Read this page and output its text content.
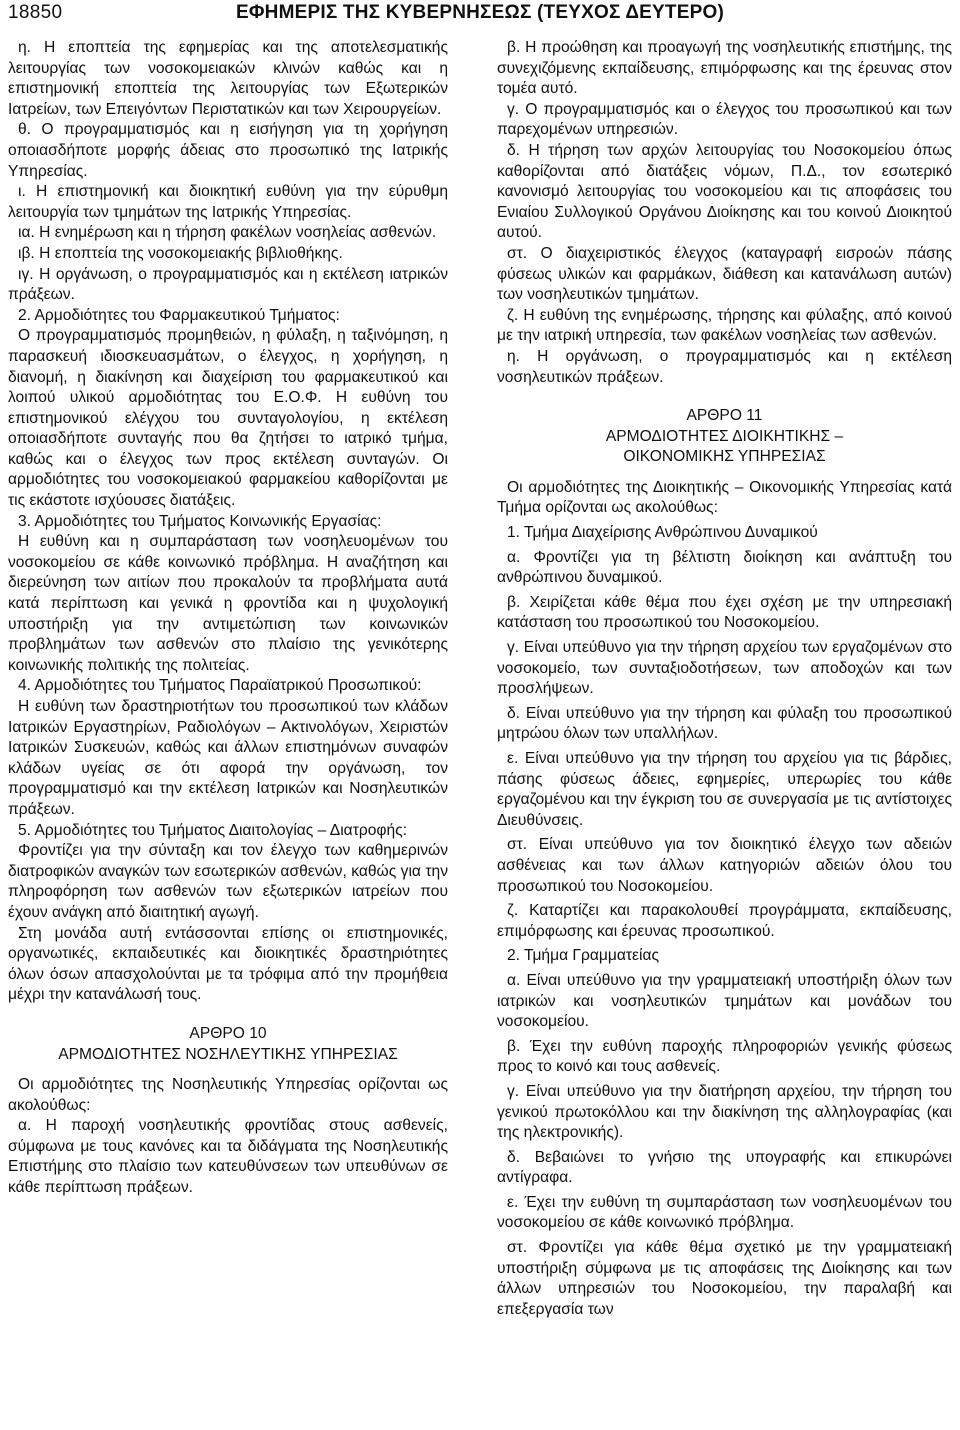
18850	ΕΦΗΜΕΡΙΣ ΤΗΣ ΚΥΒΕΡΝΗΣΕΩΣ (ΤΕΥΧΟΣ ΔΕΥΤΕΡΟ)

η. Η εποπτεία της εφημερίας και της αποτελεσματικής λειτουργίας των νοσοκομειακών κλινών καθώς και η επιστημονική εποπτεία της λειτουργίας των Εξωτερικών Ιατρείων, των Επειγόντων Περιστατικών και των Χειρουργείων.

θ. Ο προγραμματισμός και η εισήγηση για τη χορήγηση οποιασδήποτε μορφής άδειας στο προσωπικό της Ιατρικής Υπηρεσίας.

ι. Η επιστημονική και διοικητική ευθύνη για την εύρυθμη λειτουργία των τμημάτων της Ιατρικής Υπηρεσίας.

ια. Η ενημέρωση και η τήρηση φακέλων νοσηλείας ασθενών.

ιβ. Η εποπτεία της νοσοκομειακής βιβλιοθήκης.

ιγ. Η οργάνωση, ο προγραμματισμός και η εκτέλεση ιατρικών πράξεων.

2. Αρμοδιότητες του Φαρμακευτικού Τμήματος:

Ο προγραμματισμός προμηθειών, η φύλαξη, η ταξινόμηση, η παρασκευή ιδιοσκευασμάτων, ο έλεγχος, η χορήγηση, η διανομή, η διακίνηση και διαχείριση του φαρμακευτικού και λοιπού υλικού αρμοδιότητας του Ε.Ο.Φ. Η ευθύνη του επιστημονικού ελέγχου του συνταγολογίου, η εκτέλεση οποιασδήποτε συνταγής που θα ζητήσει το ιατρικό τμήμα, καθώς και ο έλεγχος των προς εκτέλεση συνταγών. Οι αρμοδιότητες του νοσοκομειακού φαρμακείου καθορίζονται με τις εκάστοτε ισχύουσες διατάξεις.

3. Αρμοδιότητες του Τμήματος Κοινωνικής Εργασίας:

Η ευθύνη και η συμπαράσταση των νοσηλευομένων του νοσοκομείου σε κάθε κοινωνικό πρόβλημα. Η αναζήτηση και διερεύνηση των αιτίων που προκαλούν τα προβλήματα αυτά κατά περίπτωση και γενικά η φροντίδα και η ψυχολογική υποστήριξη για την αντιμετώπιση των κοινωνικών προβλημάτων των ασθενών στο πλαίσιο της γενικότερης κοινωνικής πολιτικής της πολιτείας.

4. Αρμοδιότητες του Τμήματος Παραϊατρικού Προσωπικού:

Η ευθύνη των δραστηριοτήτων του προσωπικού των κλάδων Ιατρικών Εργαστηρίων, Ραδιολόγων – Ακτινολόγων, Χειριστών Ιατρικών Συσκευών, καθώς και άλλων επιστημόνων συναφών κλάδων υγείας σε ότι αφορά την οργάνωση, τον προγραμματισμό και την εκτέλεση Ιατρικών και Νοσηλευτικών πράξεων.

5. Αρμοδιότητες του Τμήματος Διαιτολογίας – Διατροφής:

Φροντίζει για την σύνταξη και τον έλεγχο των καθημερινών διατροφικών αναγκών των εσωτερικών ασθενών, καθώς για την πληροφόρηση των ασθενών των εξωτερικών ιατρείων που έχουν ανάγκη από διαιτητική αγωγή.

Στη μονάδα αυτή εντάσσονται επίσης οι επιστημονικές, οργανωτικές, εκπαιδευτικές και διοικητικές δραστηριότητες όλων όσων απασχολούνται με τα τρόφιμα από την προμήθεια μέχρι την κατανάλωσή τους.

ΑΡΘΡΟ 10

ΑΡΜΟΔΙΟΤΗΤΕΣ ΝΟΣΗΛΕΥΤΙΚΗΣ ΥΠΗΡΕΣΙΑΣ

Οι αρμοδιότητες της Νοσηλευτικής Υπηρεσίας ορίζονται ως ακολούθως:

α. Η παροχή νοσηλευτικής φροντίδας στους ασθενείς, σύμφωνα με τους κανόνες και τα διδάγματα της Νοσηλευτικής Επιστήμης στο πλαίσιο των κατευθύνσεων των υπευθύνων σε κάθε περίπτωση πράξεων.

β. Η προώθηση και προαγωγή της νοσηλευτικής επιστήμης, της συνεχιζόμενης εκπαίδευσης, επιμόρφωσης και της έρευνας στον τομέα αυτό.

γ. Ο προγραμματισμός και ο έλεγχος του προσωπικού και των παρεχομένων υπηρεσιών.

δ. Η τήρηση των αρχών λειτουργίας του Νοσοκομείου όπως καθορίζονται από διατάξεις νόμων, Π.Δ., τον εσωτερικό κανονισμό λειτουργίας του νοσοκομείου και τις αποφάσεις του Ενιαίου Συλλογικού Οργάνου Διοίκησης και του κοινού Διοικητού αυτού.

στ. Ο διαχειριστικός έλεγχος (καταγραφή εισροών πάσης φύσεως υλικών και φαρμάκων, διάθεση και κατανάλωση αυτών) των νοσηλευτικών τμημάτων.

ζ. Η ευθύνη της ενημέρωσης, τήρησης και φύλαξης, από κοινού με την ιατρική υπηρεσία, των φακέλων νοσηλείας των ασθενών.

η. Η οργάνωση, ο προγραμματισμός και η εκτέλεση νοσηλευτικών πράξεων.

ΑΡΘΡΟ 11

ΑΡΜΟΔΙΟΤΗΤΕΣ ΔΙΟΙΚΗΤΙΚΗΣ –

ΟΙΚΟΝΟΜΙΚΗΣ ΥΠΗΡΕΣΙΑΣ

Οι αρμοδιότητες της Διοικητικής – Οικονομικής Υπηρεσίας κατά Τμήμα ορίζονται ως ακολούθως:

1. Τμήμα Διαχείρισης Ανθρώπινου Δυναμικού

α. Φροντίζει για τη βέλτιστη διοίκηση και ανάπτυξη του ανθρώπινου δυναμικού.

β. Χειρίζεται κάθε θέμα που έχει σχέση με την υπηρεσιακή κατάσταση του προσωπικού του Νοσοκομείου.

γ. Είναι υπεύθυνο για την τήρηση αρχείου των εργαζομένων στο νοσοκομείο, των συνταξιοδοτήσεων, των αποδοχών και των προσλήψεων.

δ. Είναι υπεύθυνο για την τήρηση και φύλαξη του προσωπικού μητρώου όλων των υπαλλήλων.

ε. Είναι υπεύθυνο για την τήρηση του αρχείου για τις βάρδιες, πάσης φύσεως άδειες, εφημερίες, υπερωρίες του κάθε εργαζομένου και την έγκριση του σε συνεργασία με τις αντίστοιχες Διευθύνσεις.

στ. Είναι υπεύθυνο για τον διοικητικό έλεγχο των αδειών ασθένειας και των άλλων κατηγοριών αδειών όλου του προσωπικού του Νοσοκομείου.

ζ. Καταρτίζει και παρακολουθεί προγράμματα, εκπαίδευσης, επιμόρφωσης και έρευνας προσωπικού.

2. Τμήμα Γραμματείας

α. Είναι υπεύθυνο για την γραμματειακή υποστήριξη όλων των ιατρικών και νοσηλευτικών τμημάτων και μονάδων του νοσοκομείου.

β. Έχει την ευθύνη παροχής πληροφοριών γενικής φύσεως προς το κοινό και τους ασθενείς.

γ. Είναι υπεύθυνο για την διατήρηση αρχείου, την τήρηση του γενικού πρωτοκόλλου και την διακίνηση της αλληλογραφίας (και της ηλεκτρονικής).

δ. Βεβαιώνει το γνήσιο της υπογραφής και επικυρώνει αντίγραφα.

ε. Έχει την ευθύνη τη συμπαράσταση των νοσηλευομένων του νοσοκομείου σε κάθε κοινωνικό πρόβλημα.

στ. Φροντίζει για κάθε θέμα σχετικό με την γραμματειακή υποστήριξη σύμφωνα με τις αποφάσεις της Διοίκησης και των άλλων υπηρεσιών του Νοσοκομείου, την παραλαβή και επεξεργασία των
